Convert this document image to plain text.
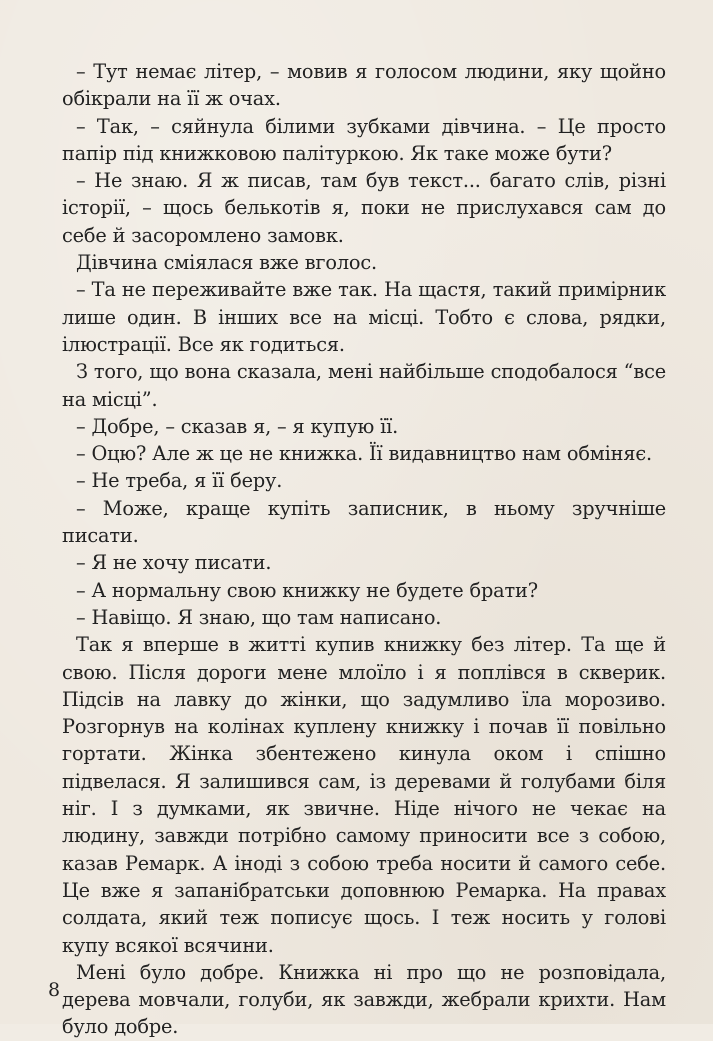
– Тут немає літер, – мовив я голосом людини, яку щойно обікрали на її ж очах.

– Так, – сяйнула білими зубками дівчина. – Це просто папір під книжковою палітуркою. Як таке може бути?

– Не знаю. Я ж писав, там був текст... багато слів, різні історії, – щось белькотів я, поки не прислухався сам до себе й засоромлено замовк.

Дівчина сміялася вже вголос.

– Та не переживайте вже так. На щастя, такий примірник лише один. В інших все на місці. Тобто є слова, рядки, ілюстрації. Все як годиться.

З того, що вона сказала, мені найбільше сподобалося “все на місці”.

– Добре, – сказав я, – я купую її.

– Оцю? Але ж це не книжка. Її видавництво нам обміняє.

– Не треба, я її беру.

– Може, краще купіть записник, в ньому зручніше писати.

– Я не хочу писати.

– А нормальну свою книжку не будете брати?

– Навіщо. Я знаю, що там написано.

Так я вперше в житті купив книжку без літер. Та ще й свою. Після дороги мене млоїло і я поплівся в скверик. Підсів на лавку до жінки, що задумливо їла морозиво. Розгорнув на колінах куплену книжку і почав її повільно гортати. Жінка збентежено кинула оком і спішно підвелася. Я залишився сам, із деревами й голубами біля ніг. І з думками, як звичне. Ніде нічого не чекає на людину, завжди потрібно самому приносити все з собою, казав Ремарк. А іноді з собою треба носити й самого себе. Це вже я запанібратськи доповнюю Ремарка. На правах солдата, який теж пописує щось. І теж носить у голові купу всякої всячини.

Мені було добре. Книжка ні про що не розповідала, дерева мовчали, голуби, як завжди, жебрали крихти. Нам було добре.

8
